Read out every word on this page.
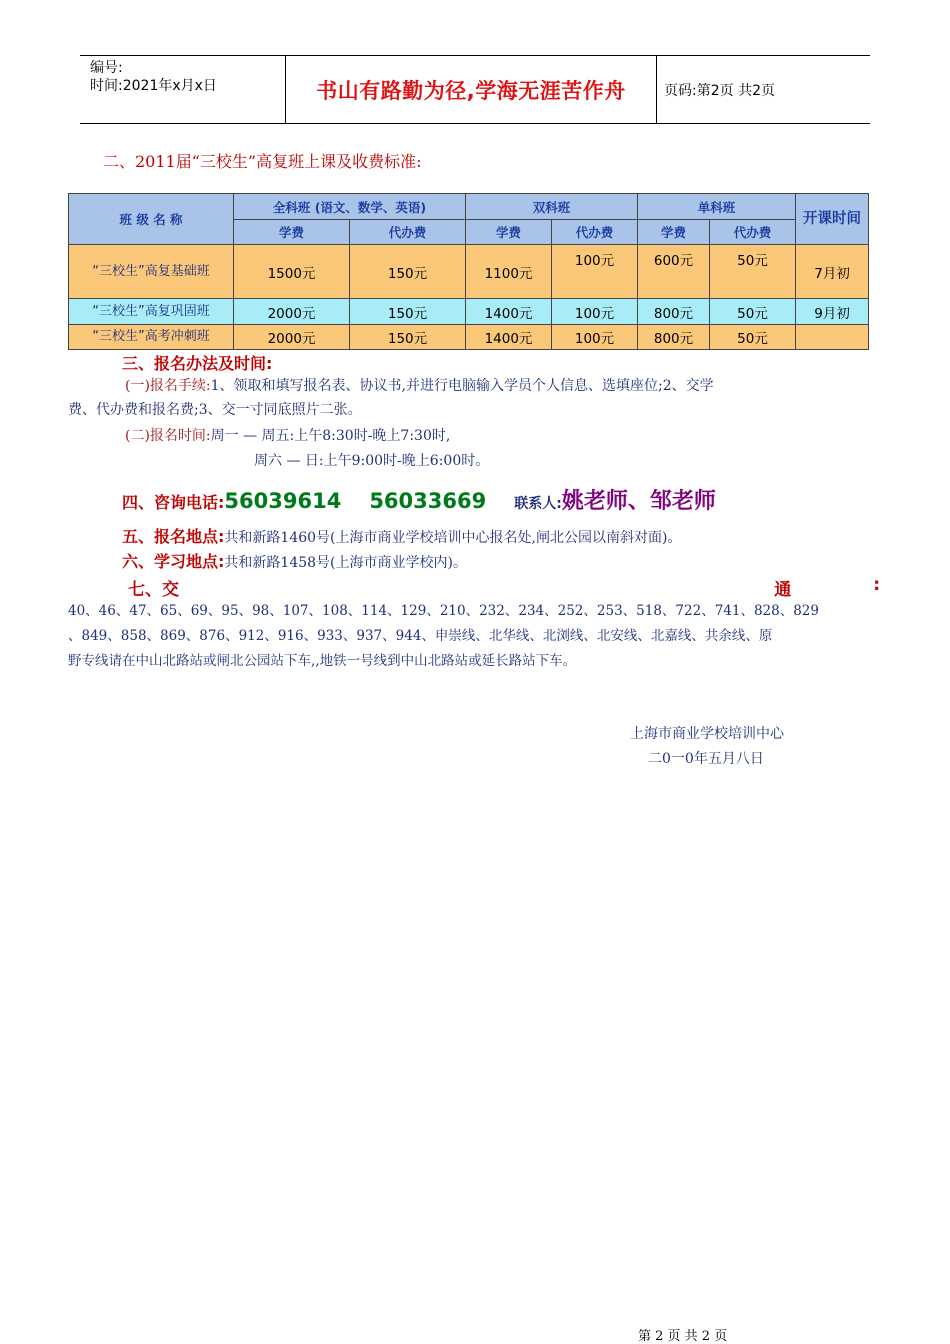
编号:
时间:2021年x月x日	书山有路勤为径,学海无涯苦作舟	页码:第2页 共2页
二、2011届“三校生”高复班上课及收费标准:
班 级 名 称	全科班 (语文、数学、英语)		双科班		单科班		开课时间
	学费	代办费	学费	代办费	学费	代办费	
“三校生”高复基础班	1500元	150元	1100元	100元	600元	50元	7月初
“三校生”高复巩固班	2000元	150元	1400元	100元	800元	50元	9月初
“三校生”高考冲刺班	2000元	150元	1400元	100元	800元	50元	
三、报名办法及时间:
(一)报名手续:1、领取和填写报名表、协议书,并进行电脑输入学员个人信息、选填座位;2、交学
费、代办费和报名费;3、交一寸同底照片二张。
(二)报名时间:周一 — 周五:上午8:30时-晚上7:30时,
周六 — 日:上午9:00时-晚上6:00时。
四、咨询电话: 56039614 56033669 联系人: 姚老师、邹老师
五、报名地点:共和新路1460号(上海市商业学校培训中心报名处,闸北公园以南斜对面)。
六、学习地点:共和新路1458号(上海市商业学校内)。
七 、 交	通	:
40、46、47、65、69、95、98、107、108、114、129、210、232、234、252、253、518、722、741、828、829
、849、858、869、876、912、916、933、937、944、申崇线、北华线、北浏线、北安线、北嘉线、共余线、原
野专线请在中山北路站或闸北公园站下车,,地铁一号线到中山北路站或延长路站下车。
上海市商业学校培训中心
二0一0年五月八日
第 2 页 共 2 页
